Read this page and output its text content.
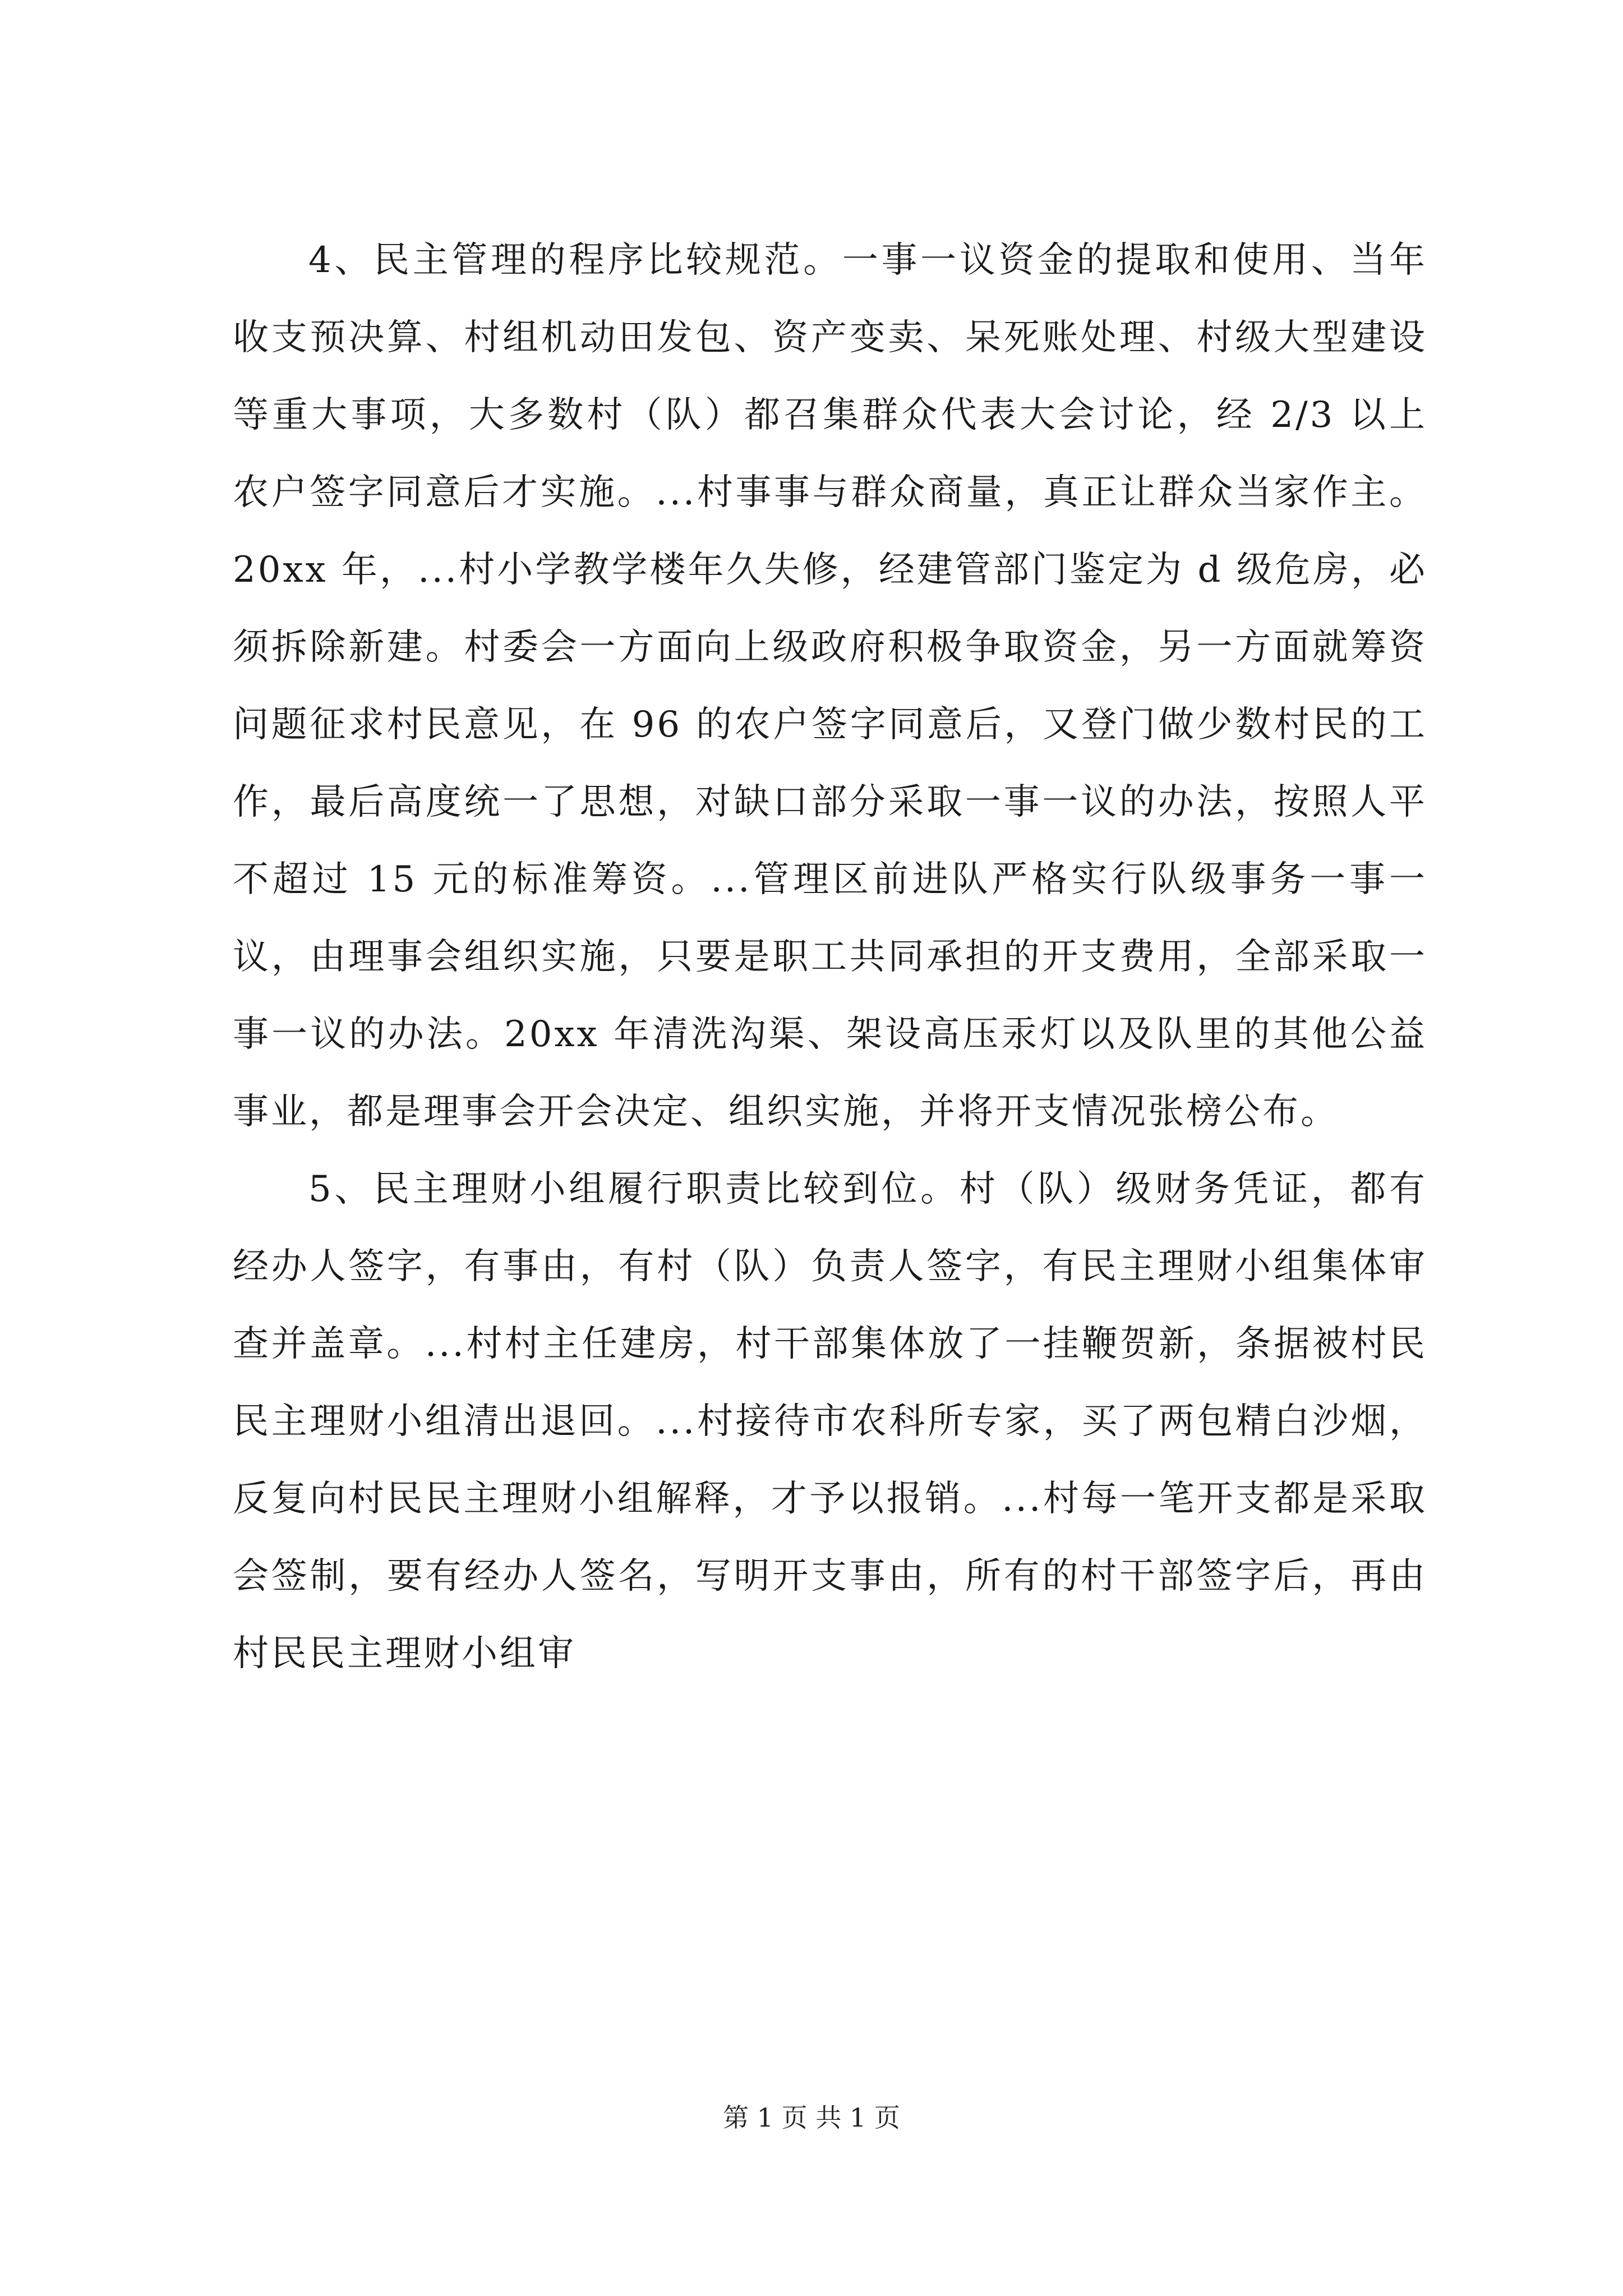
4、民主管理的程序比较规范。一事一议资金的提取和使用、当年收支预决算、村组机动田发包、资产变卖、呆死账处理、村级大型建设等重大事项，大多数村（队）都召集群众代表大会讨论，经 2/3 以上农户签字同意后才实施。...村事事与群众商量，真正让群众当家作主。20xx 年，...村小学教学楼年久失修，经建管部门鉴定为 d 级危房，必须拆除新建。村委会一方面向上级政府积极争取资金，另一方面就筹资问题征求村民意见，在 96 的农户签字同意后，又登门做少数村民的工作，最后高度统一了思想，对缺口部分采取一事一议的办法，按照人平不超过 15 元的标准筹资。...管理区前进队严格实行队级事务一事一议，由理事会组织实施，只要是职工共同承担的开支费用，全部采取一事一议的办法。20xx 年清洗沟渠、架设高压汞灯以及队里的其他公益事业，都是理事会开会决定、组织实施，并将开支情况张榜公布。

5、民主理财小组履行职责比较到位。村（队）级财务凭证，都有经办人签字，有事由，有村（队）负责人签字，有民主理财小组集体审查并盖章。...村村主任建房，村干部集体放了一挂鞭贺新，条据被村民民主理财小组清出退回。...村接待市农科所专家，买了两包精白沙烟，反复向村民民主理财小组解释，才予以报销。...村每一笔开支都是采取会签制，要有经办人签名，写明开支事由，所有的村干部签字后，再由村民民主理财小组审

第 1 页 共 1 页
